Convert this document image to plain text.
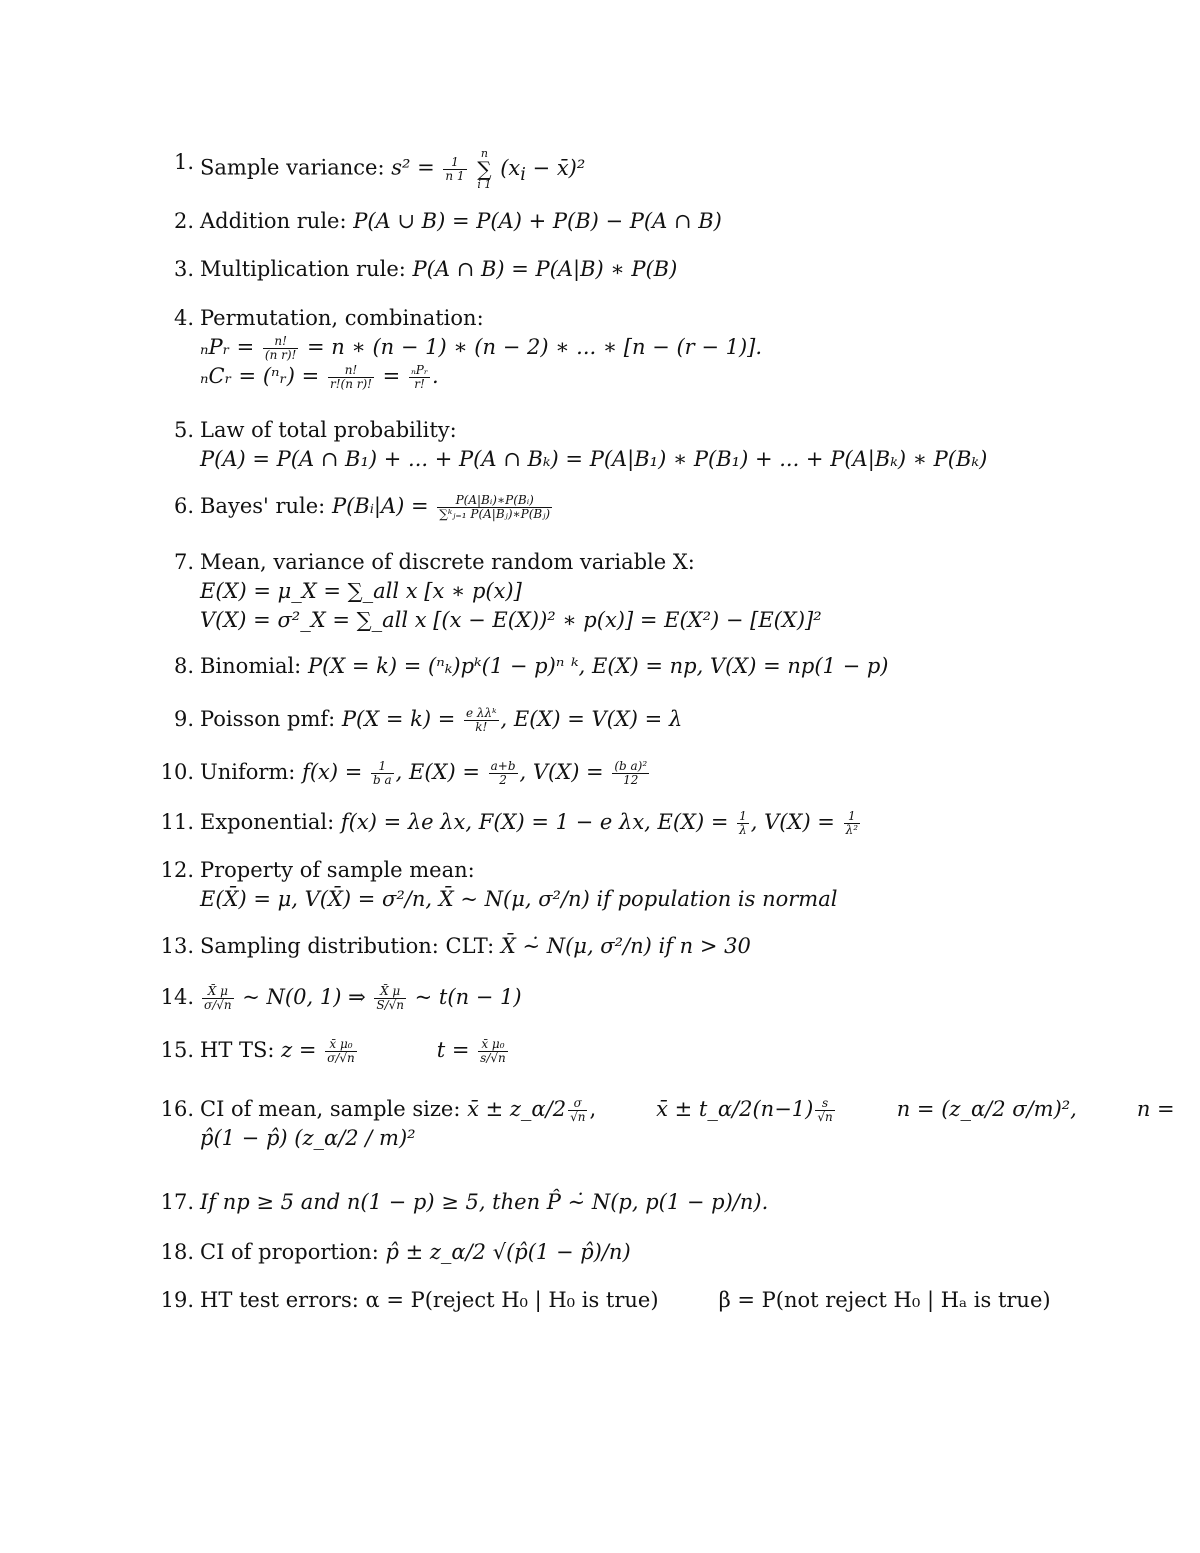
1. Sample variance: $s^2 = \frac{1}{n 1}$
n
∑
i 1 ($x_i$ − x̄)²
2. Addition rule: P(A ∪ B) = P(A) + P(B) − P(A ∩ B)
3. Multiplication rule: P(A ∩ B) = P(A|B) ∗ P(B)
4. Permutation, combination:
ₙPᵣ = $\frac{n!}{\text{(n r)!}} = n$ ∗ (n − 1) ∗ (n − 2) ∗ ... ∗ [n − (r − 1)].
ₙCᵣ = (ⁿᵣ) = $\frac{n!}{\text{r!(n r)!}} = \frac{\text{ₙPᵣ}}{r!}$ .
5. Law of total probability:
P(A) = P(A ∩ B₁) + ... + P(A ∩ Bₖ) = P(A|B₁) ∗ P(B₁) + ... + P(A|Bₖ) ∗ P(Bₖ)
6. Bayes' rule: P(Bᵢ|A) = $\frac{\text{P(A|Bᵢ)∗P(Bᵢ)}}{\text{∑ᵏⱼ₌₁ P(A|Bⱼ)∗P(Bⱼ)}}$
7. Mean, variance of discrete random variable X:
E(X) = μ_X = ∑_all x [x ∗ p(x)]
V(X) = σ²_X = ∑_all x [(x − E(X))² ∗ p(x)] = E(X²) − [E(X)]²
8. Binomial: P(X = k) = (ⁿₖ)pᵏ(1 − p)ⁿ ᵏ, E(X) = np, V(X) = np(1 − p)
9. Poisson pmf: $P(X = k) = \frac{\text{e λλᵏ}}{k!}$ , E(X) = V(X) = λ
10. Uniform: $f(x) = \frac{1}{\text{b a}}$ , $E(X) = \frac{a+b}{2}$ , $V(X) = \frac{\text{(b a)²}}{12}$
11. Exponential: f(x) = λe λx, F(X) = 1 − e λx, $E(X) = \frac{1}{\lambda}$ , $V(X) = \frac{1}{\text{λ²}}$
12. Property of sample mean:
E(X̄) = μ, V(X̄) = σ²/n, X̄ ~ N(μ, σ²/n) if population is normal
13. Sampling distribution: CLT: X̄ ∼̇ N(μ, σ²/n) if n > 30
14. $\frac{X̄ \mu}{\sigma/√n}$ ~ N(0, 1) ⇒ $\frac{X̄ \mu}{S/√n}$ ~ t(n − 1)
15. HT TS: $z = \frac{\text{x̄ μ₀}}{\sigma/√n}$	$t = \frac{\text{x̄ μ₀}}{s/√n}$
16. CI of mean, sample size: x̄ ± z_α/2 $\frac{\sigma}{√n}$ ,	x̄ ± t_α/2(n−1) $\frac{s}{√n}$	n = (z_α/2 σ/m)²,	n =
p̂(1 − p̂) (z_α/2 / m)²
17. If np ≥ 5 and n(1 − p) ≥ 5, then P̂ ∼̇ N(p, p(1 − p)/n).
18. CI of proportion: p̂ ± z_α/2 √(p̂(1 − p̂)/n)
19. HT test errors: α = P(reject H₀ | H₀ is true)	β = P(not reject H₀ | Hₐ is true)
